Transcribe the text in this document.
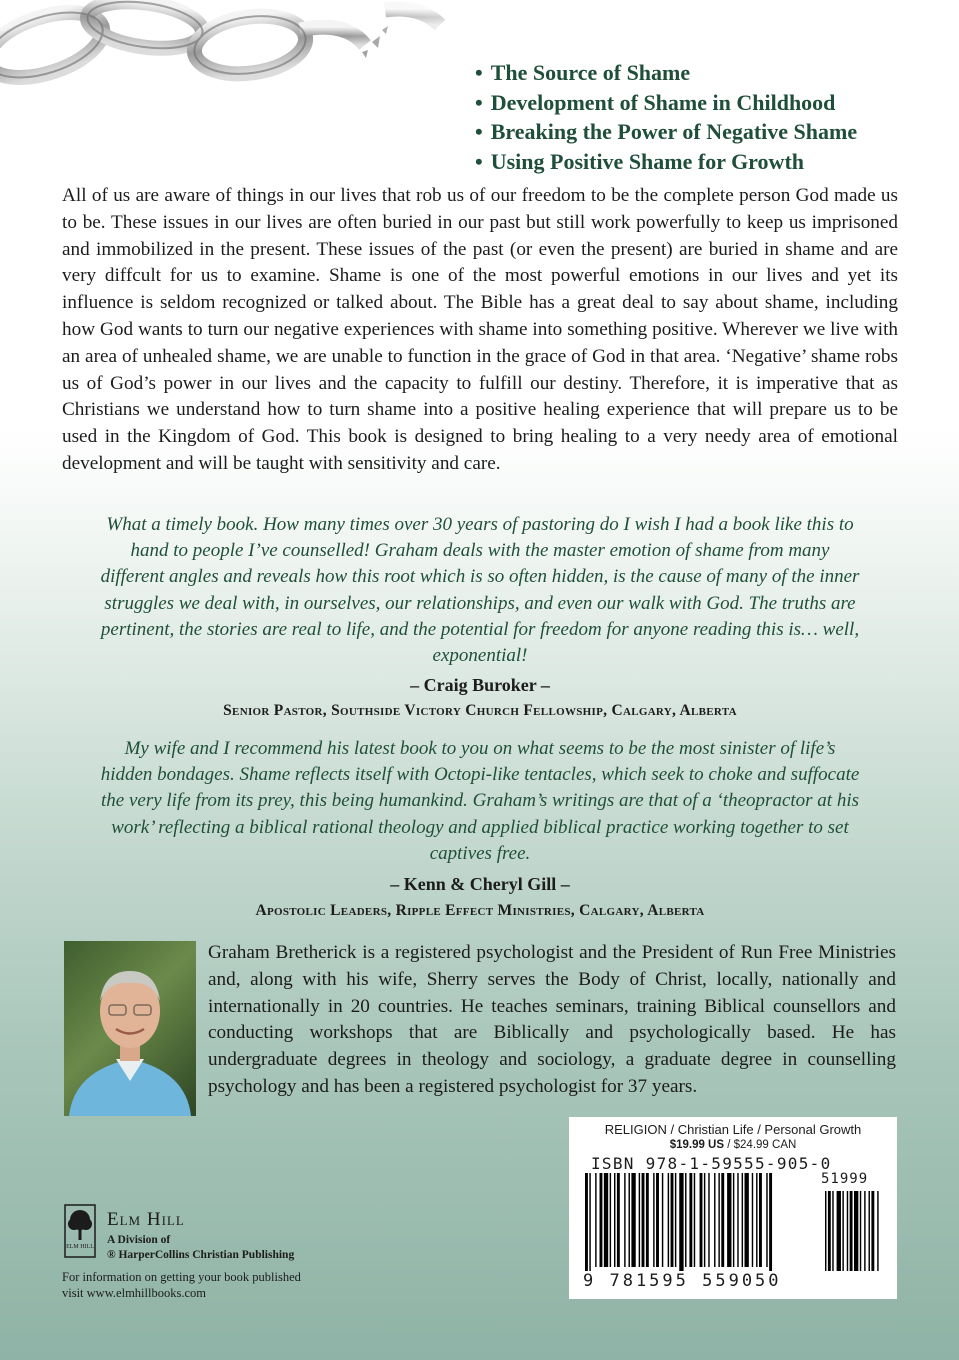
• The Source of Shame
• Development of Shame in Childhood
• Breaking the Power of Negative Shame
• Using Positive Shame for Growth

All of us are aware of things in our lives that rob us of our freedom to be the complete person God made us to be. These issues in our lives are often buried in our past but still work powerfully to keep us imprisoned and immobilized in the present. These issues of the past (or even the present) are buried in shame and are very diffcult for us to examine. Shame is one of the most powerful emotions in our lives and yet its influence is seldom recognized or talked about. The Bible has a great deal to say about shame, including how God wants to turn our negative experiences with shame into something positive. Wherever we live with an area of unhealed shame, we are unable to function in the grace of God in that area. ‘Negative’ shame robs us of God’s power in our lives and the capacity to fulfill our destiny. Therefore, it is imperative that as Christians we understand how to turn shame into a positive healing experience that will prepare us to be used in the Kingdom of God. This book is designed to bring healing to a very needy area of emotional development and will be taught with sensitivity and care.

What a timely book. How many times over 30 years of pastoring do I wish I had a book like this to hand to people I’ve counselled! Graham deals with the master emotion of shame from many different angles and reveals how this root which is so often hidden, is the cause of many of the inner struggles we deal with, in ourselves, our relationships, and even our walk with God. The truths are pertinent, the stories are real to life, and the potential for freedom for anyone reading this is… well, exponential!

– Craig Buroker –

Senior Pastor, Southside Victory Church Fellowship, Calgary, Alberta

My wife and I recommend his latest book to you on what seems to be the most sinister of life’s hidden bondages. Shame reflects itself with Octopi-like tentacles, which seek to choke and suffocate the very life from its prey, this being humankind. Graham’s writings are that of a ‘theopractor at his work’ reflecting a biblical rational theology and applied biblical practice working together to set captives free.

– Kenn & Cheryl Gill –

Apostolic Leaders, Ripple Effect Ministries, Calgary, Alberta

Graham Bretherick is a registered psychologist and the President of Run Free Ministries and, along with his wife, Sherry serves the Body of Christ, locally, nationally and internationally in 20 countries. He teaches seminars, training Biblical counsellors and conducting workshops that are Biblically and psychologically based. He has undergraduate degrees in theology and sociology, a graduate degree in counselling psychology and has been a registered psychologist for 37 years.

RELIGION / Christian Life / Personal Growth
$19.99 US / $24.99 CAN
ISBN 978-1-59555-905-0
51999
9 781595 559050
ELM HILL

Elm Hill

A Division of
® HarperCollins Christian Publishing

For information on getting your book published
visit www.elmhillbooks.com
